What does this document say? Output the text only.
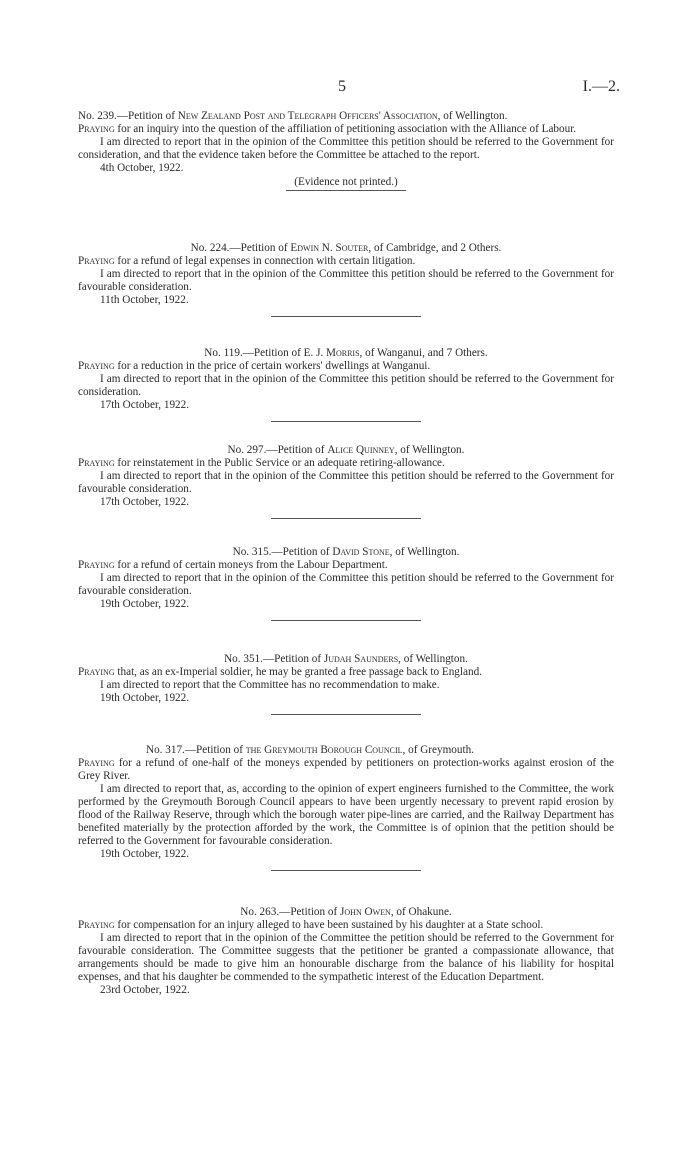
5	I.—2.

No. 239.—Petition of New Zealand Post and Telegraph Officers' Association, of Wellington.

Praying for an inquiry into the question of the affiliation of petitioning association with the Alliance of Labour.

I am directed to report that in the opinion of the Committee this petition should be referred to the Government for consideration, and that the evidence taken before the Committee be attached to the report.

4th October, 1922.

(Evidence not printed.)

No. 224.—Petition of Edwin N. Souter, of Cambridge, and 2 Others.

Praying for a refund of legal expenses in connection with certain litigation.

I am directed to report that in the opinion of the Committee this petition should be referred to the Government for favourable consideration.

11th October, 1922.

No. 119.—Petition of E. J. Morris, of Wanganui, and 7 Others.

Praying for a reduction in the price of certain workers' dwellings at Wanganui.

I am directed to report that in the opinion of the Committee this petition should be referred to the Government for consideration.

17th October, 1922.

No. 297.—Petition of Alice Quinney, of Wellington.

Praying for reinstatement in the Public Service or an adequate retiring-allowance.

I am directed to report that in the opinion of the Committee this petition should be referred to the Government for favourable consideration.

17th October, 1922.

No. 315.—Petition of David Stone, of Wellington.

Praying for a refund of certain moneys from the Labour Department.

I am directed to report that in the opinion of the Committee this petition should be referred to the Government for favourable consideration.

19th October, 1922.

No. 351.—Petition of Judah Saunders, of Wellington.

Praying that, as an ex-Imperial soldier, he may be granted a free passage back to England.

I am directed to report that the Committee has no recommendation to make.

19th October, 1922.

No. 317.—Petition of the Greymouth Borough Council, of Greymouth.

Praying for a refund of one-half of the moneys expended by petitioners on protection-works against erosion of the Grey River.

I am directed to report that, as, according to the opinion of expert engineers furnished to the Committee, the work performed by the Greymouth Borough Council appears to have been urgently necessary to prevent rapid erosion by flood of the Railway Reserve, through which the borough water pipe-lines are carried, and the Railway Department has benefited materially by the protection afforded by the work, the Committee is of opinion that the petition should be referred to the Government for favourable consideration.

19th October, 1922.

No. 263.—Petition of John Owen, of Ohakune.

Praying for compensation for an injury alleged to have been sustained by his daughter at a State school.

I am directed to report that in the opinion of the Committee the petition should be referred to the Government for favourable consideration. The Committee suggests that the petitioner be granted a compassionate allowance, that arrangements should be made to give him an honourable discharge from the balance of his liability for hospital expenses, and that his daughter be commended to the sympathetic interest of the Education Department.

23rd October, 1922.
